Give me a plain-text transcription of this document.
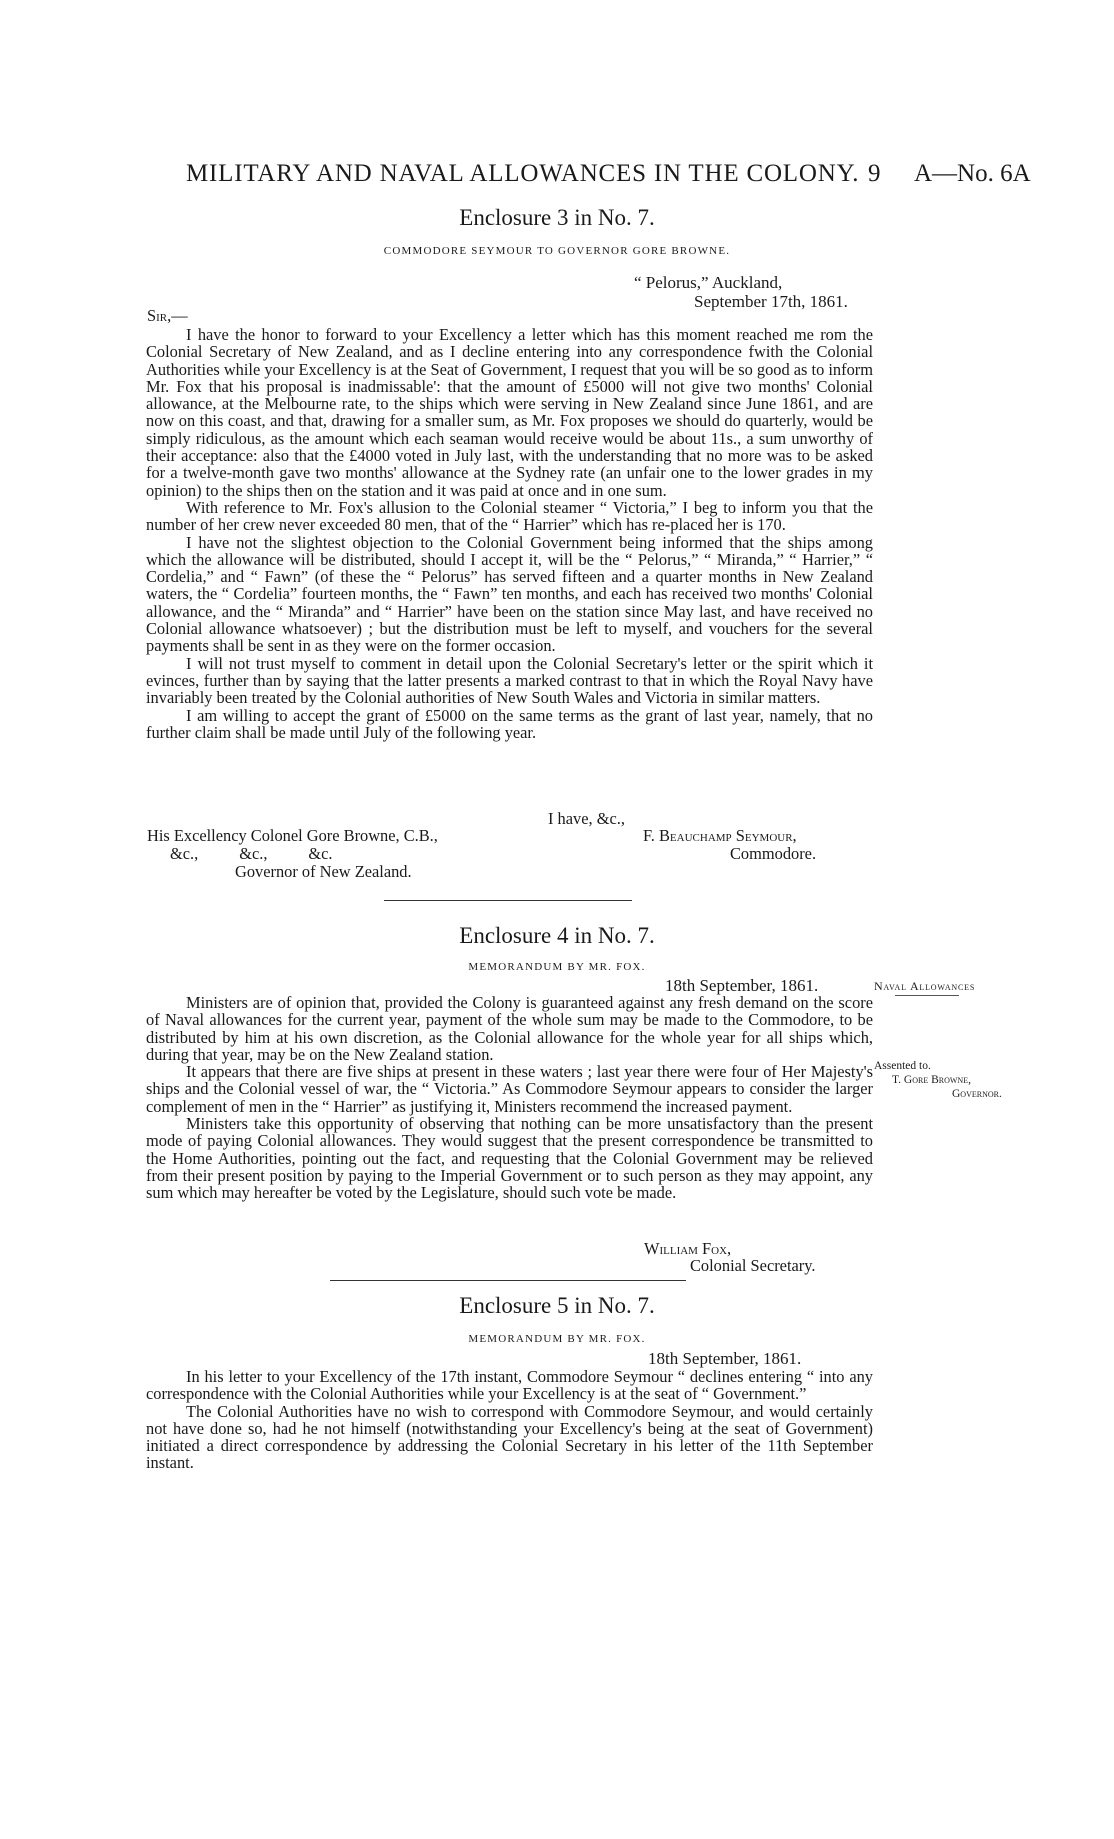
MILITARY AND NAVAL ALLOWANCES IN THE COLONY. 9 A—No. 6A
Enclosure 3 in No. 7.
COMMODORE SEYMOUR TO GOVERNOR GORE BROWNE.
“ Pelorus,” Auckland,
September 17th, 1861.
Sir,—

I have the honor to forward to your Excellency a letter which has this moment reached me rom the Colonial Secretary of New Zealand, and as I decline entering into any correspondence fwith the Colonial Authorities while your Excellency is at the Seat of Government, I request that you will be so good as to inform Mr. Fox that his proposal is inadmissable': that the amount of £5000 will not give two months' Colonial allowance, at the Melbourne rate, to the ships which were serving in New Zealand since June 1861, and are now on this coast, and that, drawing for a smaller sum, as Mr. Fox proposes we should do quarterly, would be simply ridiculous, as the amount which each seaman would receive would be about 11s., a sum unworthy of their acceptance: also that the £4000 voted in July last, with the understanding that no more was to be asked for a twelve-month gave two months' allowance at the Sydney rate (an unfair one to the lower grades in my opinion) to the ships then on the station and it was paid at once and in one sum.

With reference to Mr. Fox's allusion to the Colonial steamer “ Victoria,” I beg to inform you that the number of her crew never exceeded 80 men, that of the “ Harrier” which has re-placed her is 170.

I have not the slightest objection to the Colonial Government being informed that the ships among which the allowance will be distributed, should I accept it, will be the “ Pelorus,” “ Miranda,” “ Harrier,” “ Cordelia,” and “ Fawn” (of these the “ Pelorus” has served fifteen and a quarter months in New Zealand waters, the “ Cordelia” fourteen months, the “ Fawn” ten months, and each has received two months' Colonial allowance, and the “ Miranda” and “ Harrier” have been on the station since May last, and have received no Colonial allowance whatsoever) ; but the distribution must be left to myself, and vouchers for the several payments shall be sent in as they were on the former occasion.

I will not trust myself to comment in detail upon the Colonial Secretary's letter or the spirit which it evinces, further than by saying that the latter presents a marked contrast to that in which the Royal Navy have invariably been treated by the Colonial authorities of New South Wales and Victoria in similar matters.

I am willing to accept the grant of £5000 on the same terms as the grant of last year, namely, that no further claim shall be made until July of the following year.

I have, &c.,
F. Beauchamp Seymour,
Commodore.
His Excellency Colonel Gore Browne, C.B.,
&c.,          &c.,          &c.
Governor of New Zealand.
Enclosure 4 in No. 7.
MEMORANDUM BY MR. FOX.
18th September, 1861.	Naval Allowances
Assented to.
T. Gore Browne,
Governor.

Ministers are of opinion that, provided the Colony is guaranteed against any fresh demand on the score of Naval allowances for the current year, payment of the whole sum may be made to the Commodore, to be distributed by him at his own discretion, as the Colonial allowance for the whole year for all ships which, during that year, may be on the New Zealand station.

It appears that there are five ships at present in these waters ; last year there were four of Her Majesty's ships and the Colonial vessel of war, the “ Victoria.” As Commodore Seymour appears to consider the larger complement of men in the “ Harrier” as justifying it, Ministers recommend the increased payment.

Ministers take this opportunity of observing that nothing can be more unsatisfactory than the present mode of paying Colonial allowances. They would suggest that the present correspondence be transmitted to the Home Authorities, pointing out the fact, and requesting that the Colonial Government may be relieved from their present position by paying to the Imperial Government or to such person as they may appoint, any sum which may hereafter be voted by the Legislature, should such vote be made.

William Fox,
Colonial Secretary.
Enclosure 5 in No. 7.
MEMORANDUM BY MR. FOX.
18th September, 1861.

In his letter to your Excellency of the 17th instant, Commodore Seymour “ declines entering “ into any correspondence with the Colonial Authorities while your Excellency is at the seat of “ Government.”

The Colonial Authorities have no wish to correspond with Commodore Seymour, and would certainly not have done so, had he not himself (notwithstanding your Excellency's being at the seat of Government) initiated a direct correspondence by addressing the Colonial Secretary in his letter of the 11th September instant.
